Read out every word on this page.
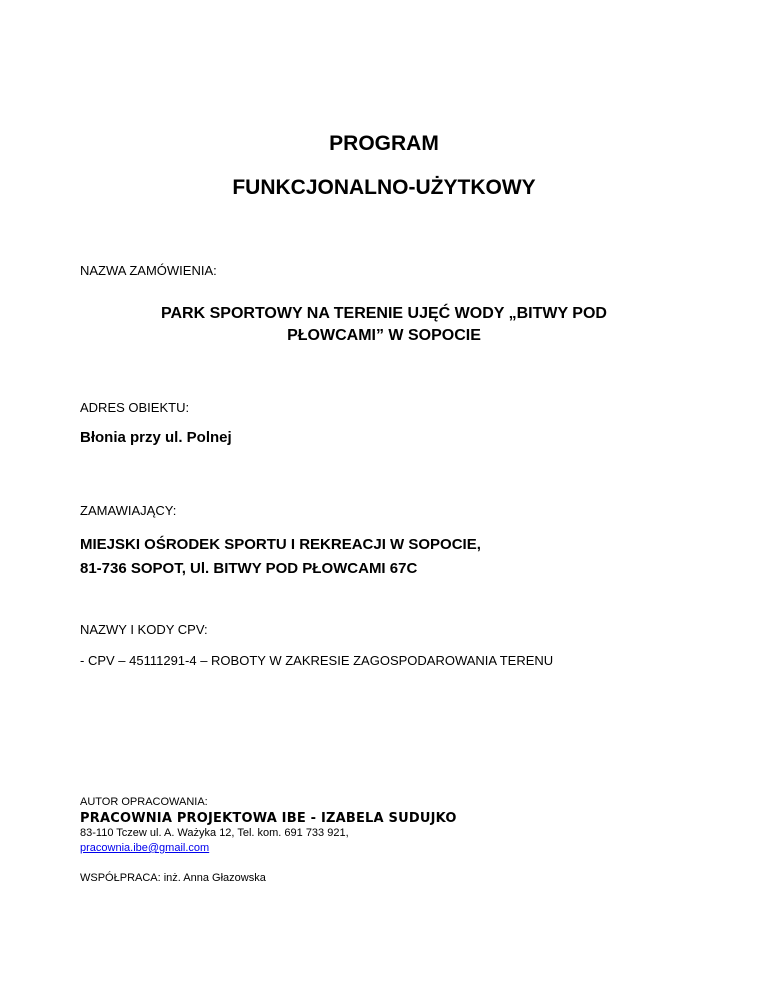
PROGRAM
FUNKCJONALNO-UŻYTKOWY
NAZWA ZAMÓWIENIA:
PARK SPORTOWY NA TERENIE UJĘĆ WODY „BITWY POD
PŁOWCAMI” W SOPOCIE
ADRES OBIEKTU:
Błonia przy ul. Polnej
ZAMAWIAJĄCY:
MIEJSKI OŚRODEK SPORTU I REKREACJI W SOPOCIE,
81-736 SOPOT, Ul. BITWY POD PŁOWCAMI 67C
NAZWY I KODY CPV:
- CPV – 45111291-4 – ROBOTY W ZAKRESIE ZAGOSPODAROWANIA TERENU
AUTOR OPRACOWANIA:
PRACOWNIA PROJEKTOWA IBE - IZABELA SUDUJKO
83-110 Tczew ul. A. Ważyka 12, Tel. kom. 691 733 921,
pracownia.ibe@gmail.com
WSPÓŁPRACA: inż. Anna Głazowska
